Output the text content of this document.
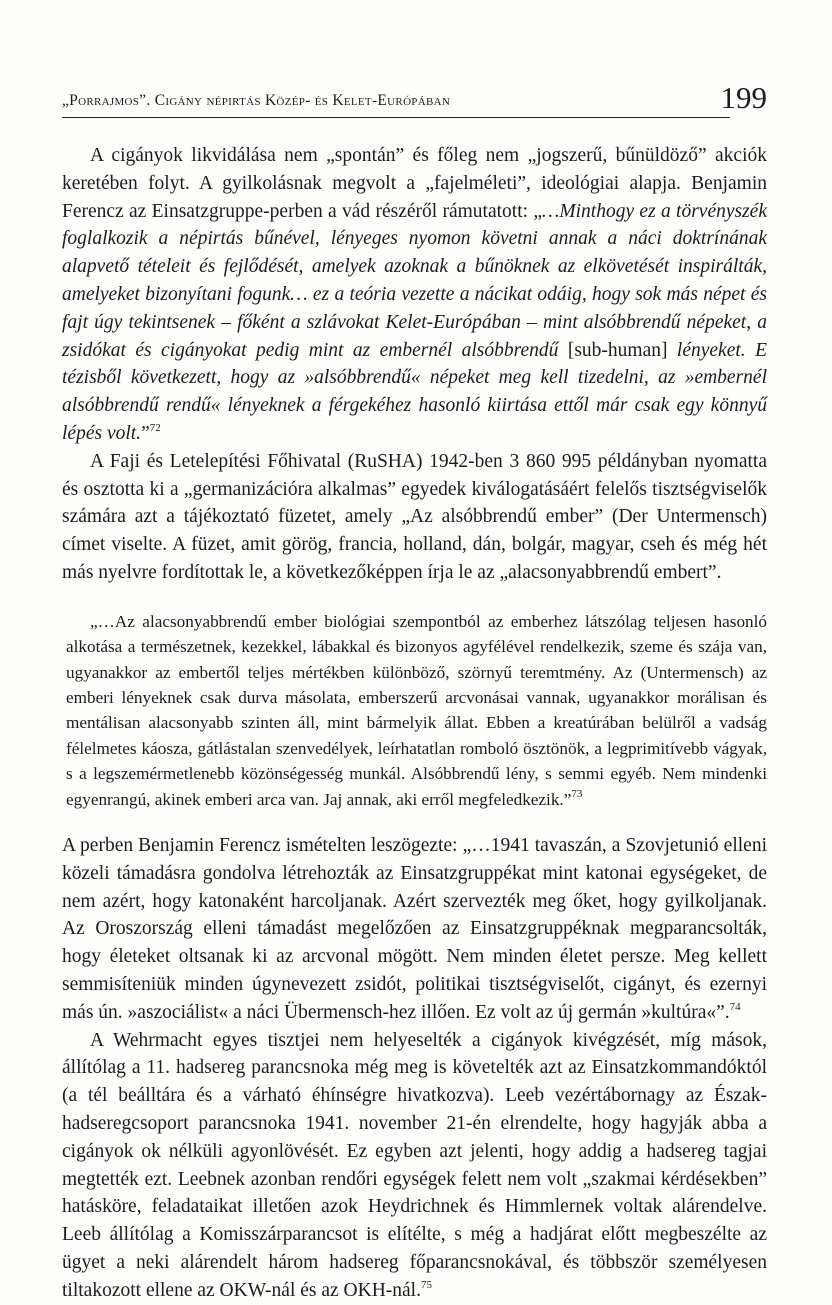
„Porrajmos”. Cigány népirtás Közép- és Kelet-Európában	199

A cigányok likvidálása nem „spontán” és főleg nem „jogszerű, bűnüldöző” akciók keretében folyt. A gyilkolásnak megvolt a „fajelméleti”, ideológiai alapja. Benjamin Ferencz az Einsatzgruppe-perben a vád részéről rámutatott: „…Minthogy ez a törvényszék foglalkozik a népirtás bűnével, lényeges nyomon követni annak a náci doktrínának alapvető tételeit és fejlődését, amelyek azoknak a bűnöknek az elkövetését inspirálták, amelyeket bizonyítani fogunk… ez a teória vezette a nácikat odáig, hogy sok más népet és fajt úgy tekintsenek – főként a szlávokat Kelet-Európában – mint alsóbbrendű népeket, a zsidókat és cigányokat pedig mint az embernél alsóbbrendű [sub-human] lényeket. E tézisből következett, hogy az »alsóbbrendű« népeket meg kell tizedelni, az »embernél alsóbbrendű rendű« lényeknek a férgekéhez hasonló kiirtása ettől már csak egy könnyű lépés volt.”$^{72}$

A Faji és Letelepítési Főhivatal (RuSHA) 1942-ben 3 860 995 példányban nyomatta és osztotta ki a „germanizációra alkalmas” egyedek kiválogatásáért felelős tisztségviselők számára azt a tájékoztató füzetet, amely „Az alsóbbrendű ember” (Der Untermensch) címet viselte. A füzet, amit görög, francia, holland, dán, bolgár, magyar, cseh és még hét más nyelvre fordítottak le, a következőképpen írja le az „alacsonyabbrendű embert”.

„…Az alacsonyabbrendű ember biológiai szempontból az emberhez látszólag teljesen hasonló alkotása a természetnek, kezekkel, lábakkal és bizonyos agyfélével rendelkezik, szeme és szája van, ugyanakkor az embertől teljes mértékben különböző, szörnyű teremtmény. Az (Untermensch) az emberi lényeknek csak durva másolata, emberszerű arcvonásai vannak, ugyanakkor morálisan és mentálisan alacsonyabb szinten áll, mint bármelyik állat. Ebben a kreatúrában belülről a vadság félelmetes káosza, gátlástalan szenvedélyek, leírhatatlan romboló ösztönök, a legprimitívebb vágyak, s a legszemérmetlenebb közönségesség munkál. Alsóbbrendű lény, s semmi egyéb. Nem mindenki egyenrangú, akinek emberi arca van. Jaj annak, aki erről megfeledkezik.”$^{73}$

A perben Benjamin Ferencz ismételten leszögezte: „…1941 tavaszán, a Szovjetunió elleni közeli támadásra gondolva létrehozták az Einsatzgruppékat mint katonai egységeket, de nem azért, hogy katonaként harcoljanak. Azért szervezték meg őket, hogy gyilkoljanak. Az Oroszország elleni támadást megelőzően az Einsatzgruppéknak megparancsolták, hogy életeket oltsanak ki az arcvonal mögött. Nem minden életet persze. Meg kellett semmisíteniük minden úgynevezett zsidót, politikai tisztségviselőt, cigányt, és ezernyi más ún. »aszociálist« a náci Übermensch-hez illően. Ez volt az új germán »kultúra«”.$^{74}$

A Wehrmacht egyes tisztjei nem helyeselték a cigányok kivégzését, míg mások, állítólag a 11. hadsereg parancsnoka még meg is követelték azt az Einsatzkommandóktól (a tél beálltára és a várható éhínségre hivatkozva). Leeb vezértábornagy az Észak-hadseregcsoport parancsnoka 1941. november 21-én elrendelte, hogy hagyják abba a cigányok ok nélküli agyonlövését. Ez egyben azt jelenti, hogy addig a hadsereg tagjai megtették ezt. Leebnek azonban rendőri egységek felett nem volt „szakmai kérdésekben” hatásköre, feladataikat illetően azok Heydrichnek és Himmlernek voltak alárendelve. Leeb állítólag a Komisszárparancsot is elítélte, s még a hadjárat előtt megbeszélte az ügyet a neki alárendelt három hadsereg főparancsnokával, és többször személyesen tiltakozott ellene az OKW-nál és az OKH-nál.$^{75}$
